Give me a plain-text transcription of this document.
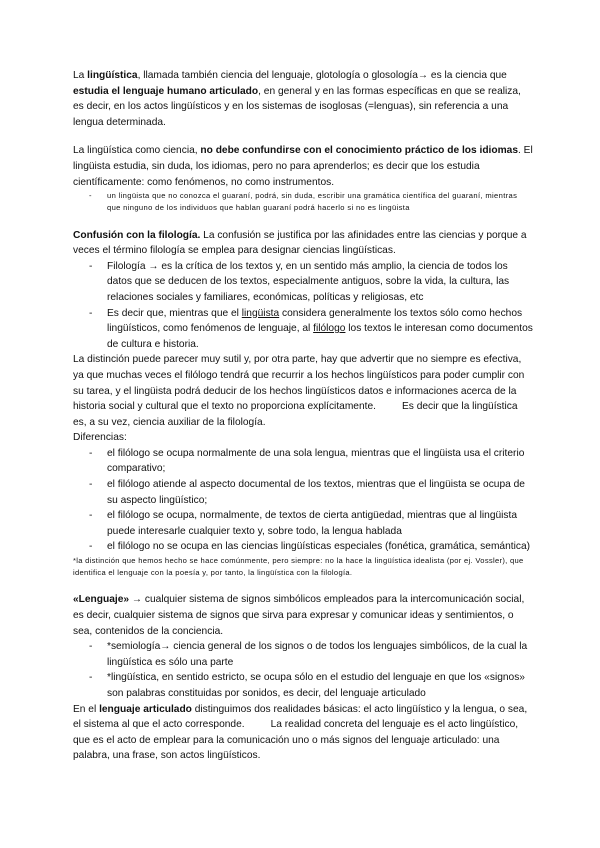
La lingüística, llamada también ciencia del lenguaje, glotología o glosología→ es la ciencia que estudia el lenguaje humano articulado, en general y en las formas específicas en que se realiza, es decir, en los actos lingüísticos y en los sistemas de isoglosas (=lenguas), sin referencia a una lengua determinada.

La lingüística como ciencia, no debe confundirse con el conocimiento práctico de los idiomas. El lingüista estudia, sin duda, los idiomas, pero no para aprenderlos; es decir que los estudia científicamente: como fenómenos, no como instrumentos.

- un lingüista que no conozca el guaraní, podrá, sin duda, escribir una gramática científica del guaraní, mientras que ninguno de los individuos que hablan guaraní podrá hacerlo si no es lingüista

Confusión con la filología. La confusión se justifica por las afinidades entre las ciencias y porque a veces el término filología se emplea para designar ciencias lingüísticas.

- Filología → es la crítica de los textos y, en un sentido más amplio, la ciencia de todos los datos que se deducen de los textos, especialmente antiguos, sobre la vida, la cultura, las relaciones sociales y familiares, económicas, políticas y religiosas, etc
- Es decir que, mientras que el lingüista considera generalmente los textos sólo como hechos lingüísticos, como fenómenos de lenguaje, al filólogo los textos le interesan como documentos de cultura e historia.

La distinción puede parecer muy sutil y, por otra parte, hay que advertir que no siempre es efectiva, ya que muchas veces el filólogo tendrá que recurrir a los hechos lingüísticos para poder cumplir con su tarea, y el lingüista podrá deducir de los hechos lingüísticos datos e informaciones acerca de la historia social y cultural que el texto no proporciona explícitamente.	Es decir que la lingüística es, a su vez, ciencia auxiliar de la filología.
Diferencias:

- el filólogo se ocupa normalmente de una sola lengua, mientras que el lingüista usa el criterio comparativo;
- el filólogo atiende al aspecto documental de los textos, mientras que el lingüista se ocupa de su aspecto lingüístico;
- el filólogo se ocupa, normalmente, de textos de cierta antigüedad, mientras que al lingüista puede interesarle cualquier texto y, sobre todo, la lengua hablada
- el filólogo no se ocupa en las ciencias lingüísticas especiales (fonética, gramática, semántica)

*la distinción que hemos hecho se hace comúnmente, pero siempre: no la hace la lingüística idealista (por ej. Vossler), que identifica el lenguaje con la poesía y, por tanto, la lingüística con la filología.

«Lenguaje» → cualquier sistema de signos simbólicos empleados para la intercomunicación social, es decir, cualquier sistema de signos que sirva para expresar y comunicar ideas y sentimientos, o sea, contenidos de la conciencia.

- *semiología→ ciencia general de los signos o de todos los lenguajes simbólicos, de la cual la lingüística es sólo una parte
- *lingüística, en sentido estricto, se ocupa sólo en el estudio del lenguaje en que los «signos» son palabras constituidas por sonidos, es decir, del lenguaje articulado

En el lenguaje articulado distinguimos dos realidades básicas: el acto lingüístico y la lengua, o sea, el sistema al que el acto corresponde.	La realidad concreta del lenguaje es el acto lingüístico, que es el acto de emplear para la comunicación uno o más signos del lenguaje articulado: una palabra, una frase, son actos lingüísticos.
